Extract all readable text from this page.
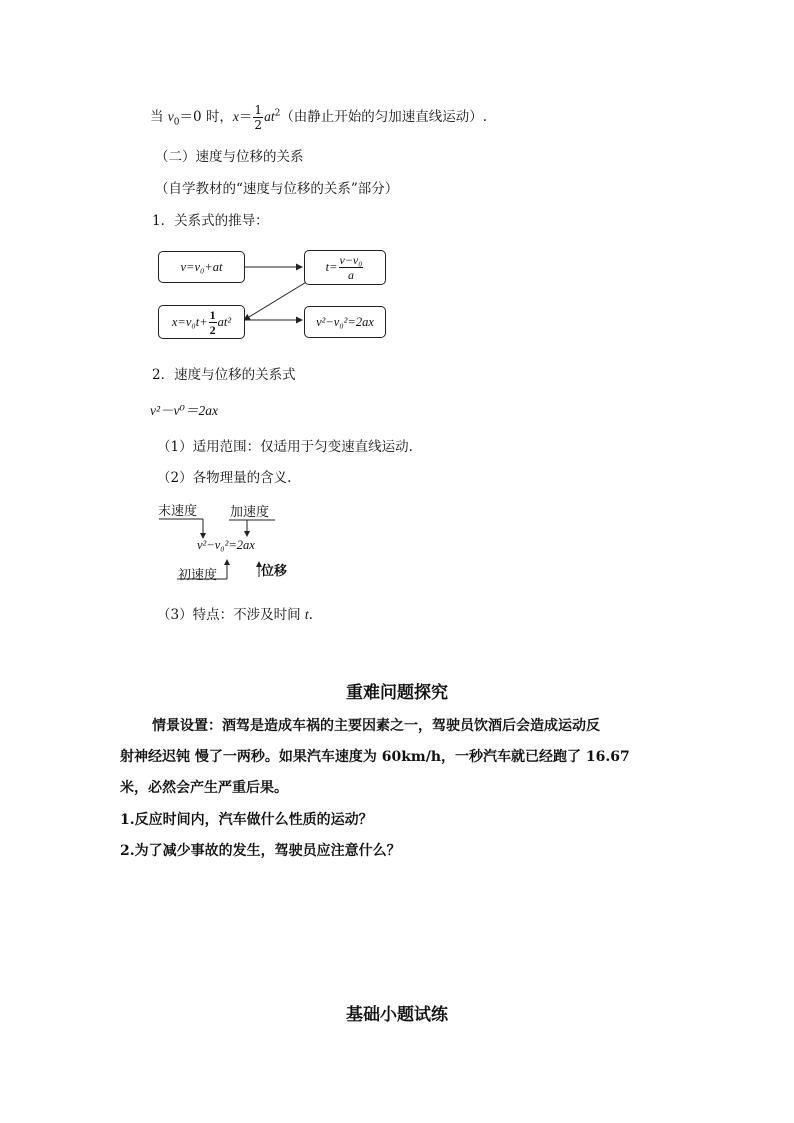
当 $v_0=0$ 时，$x= \frac{1}{2} at^2$（由静止开始的匀加速直线运动）.
（二）速度与位移的关系
（自学教材的“速度与位移的关系”部分）
1．关系式的推导：
v=v₀+at	$t= \frac{\text{v−v₀}}{a}$
$x=v_0t+ \frac{1}{2} at^2$	v²−v₀²=2ax
2．速度与位移的关系式
v²－v⁰＝2ax
（1）适用范围：仅适用于匀变速直线运动.
（2）各物理量的含义.
末速度	加速度
v²−v₀²=2ax
初速度	位移
（3）特点：不涉及时间 t.
重难问题探究
情景设置：酒驾是造成车祸的主要因素之一，驾驶员饮酒后会造成运动反
射神经迟钝 慢了一两秒。如果汽车速度为 60km/h，一秒汽车就已经跑了 16.67
米，必然会产生严重后果。
1.反应时间内，汽车做什么性质的运动？
2.为了减少事故的发生，驾驶员应注意什么？
基础小题试练
